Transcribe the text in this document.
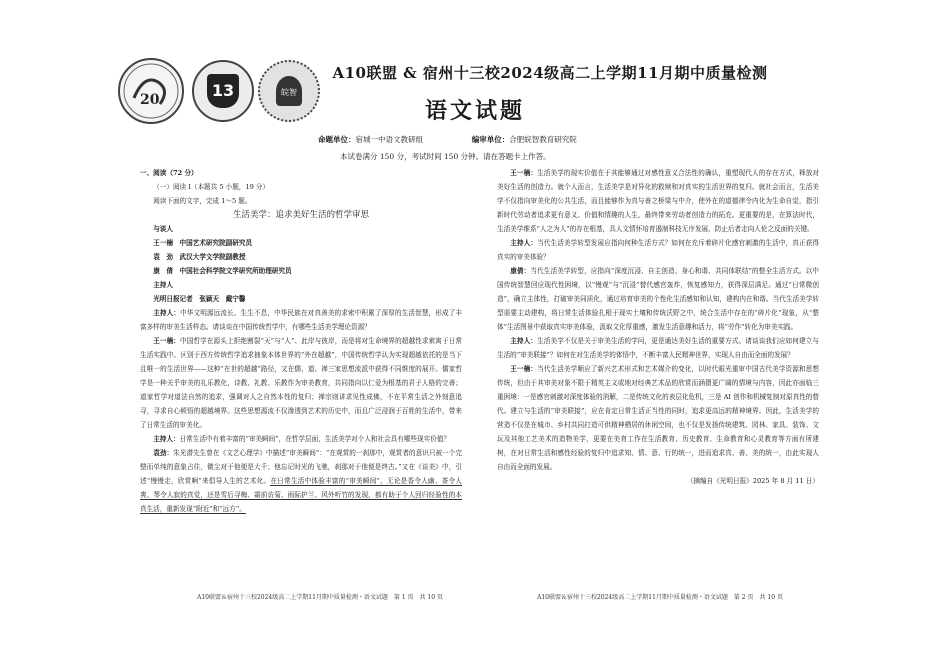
20	13	皖智
A10联盟 & 宿州十三校2024级高二上学期11月期中质量检测
语文试题
命题单位：宿城一中语文教研组	编审单位：合肥皖智教育研究院
本试卷满分 150 分，考试时间 150 分钟。请在答题卡上作答。

一、阅读（72 分）

（一）阅读 I（本题共 5 小题，19 分）

阅读下面的文字，完成 1～5 题。

生活美学：追求美好生活的哲学审思

与谈人

王一楠　中国艺术研究院副研究员

袁　劲　武汉大学文学院副教授

康　倩　中国社会科学院文学研究所助理研究员

主持人

光明日报记者　张颖天　戴宁馨

主持人：中华文明源远流长、生生不息，中华民族在对真善美的求索中积累了深厚的生活智慧，形成了丰富多样的审美生活样态。请谈谈在中国传统哲学中，有哪些生活美学理论资源？

王一楠：中国哲学在源头上拒绝割裂“天”与“人”、此岸与彼岸，而是将对生命境界的超越性求索寓于日常生活实践中。区别于西方传统哲学追求抽象本体世界的“外在超越”，中国传统哲学认为实现超越依托的是当下且唯一的生活世界——这种“在世的超越”路径，又在儒、道、禅三家思想流派中获得不同维度的展开。儒家哲学是一种关乎审美的礼乐教化，诗教、礼教、乐教作为审美教育，共同指向以仁爱为根基的君子人格的完善；道家哲学对道法自然的追求，强调对人之自然本性的复归；禅宗则讲求见性成佛，不在平常生活之外刻意追寻，寻求自心顿悟的超越境界。这些思想源流不仅滲透到艺术的历史中，而且广泛浸润于百姓的生活中，带来了日常生活的审美化。

主持人：日常生活中有着丰富的“审美瞬间”，在哲学层面，生活美学对个人和社会具有哪些现实价值？

袁劲：朱光潜先生曾在《文艺心理学》中描述“审美瞬间”：“在观赏的一刹那中，观赏者的意识只被一个完整而单纯的意象占住，微尘对于他便是大千；他忘记时光的飞驰，刹那对于他便是终古。”又在《谈美》中，引述“慢慢走，欣赏啊”来倡导人生的艺术化。在日常生活中体验丰富的“审美瞬间”，无论是香令人幽、茶令人爽、琴令人寂的真觉，还是雪后寻梅、霜前访菊、雨际护兰、风外听竹的发现，都有助于个人回归经验性的本真生活，重新发现“附近”和“远方”。

A10联盟＆宿州十三校2024级高二上学期11月期中质量检测・语文试题　第 1 页　共 10 页

王一楠：生活美学的现实价值在于其能够通过对感性意义合法性的确认，重塑现代人的存在方式，释放对美好生活的创造力。就个人而言，生活美学是对异化的救赎和对真实的生活世界的复归。就社会而言，生活美学不仅指向审美化的公共生活，而且能够作为真与善之桥梁与中介，使外在的道德律令内化为生命自觉，指引新时代劳动者追求更有意义、价值和情趣的人生，最终带来劳动者创造力的拓充。更重要的是，在算法时代，生活美学维系“人之为人”的存在根基，具人文情怀培育遏制科技无序发展、防止后者走向人伦之反面的关键。

主持人：当代生活美学转型发展应指向何种生活方式？如何在充斥着碎片化感官刺激的生活中，真正获得真实的审美体验？

康倩：当代生活美学转型，应指向“深度沉浸、自主创造、身心和谐、共同体联结”的整全生活方式。以中国传统智慧回应现代性困境，以“慢观”与“沉浸”替代感官轰炸，恢复感知力，获得深层满足。通过“日常微创造”，确立主体性，打破审美同质化，通过培育审美的个性化生活感知和认知，建构内在和谐。当代生活美学转型需要主动建构，将日常生活体验扎根于现实土壤和传统沃野之中，统合生活中存在的“碎片化”现象，从“整体”生活图景中获取真实审美体验，汲取文化厚重感，激发生活意趣和活力，将“劳作”转化为审美实践。

主持人：生活美学不仅是关于审美生活的学问，更是通达美好生活的重要方式。请谈谈我们应如何建立与生活的“审美联接”？如何在对生活美学的体悟中，不断丰富人民精神世界，实现人自由而全面的发展？

王一楠：当代生活美学顺应了新兴艺术形式和艺术媒介的变化，以时代眼光重审中国古代美学资源和思想传统，但由于其审美对象不限于精英主义或地对经典艺术品的欣赏而涵摄更广阔的情境与内容，因此亦面临三重困境：一是感官刺激对深度体验的消解，二是传统文化的表层化危机，三是 AI 创作和机械复制对原真性的替代。建立与生活的“审美联接”，应在肯定日常生活正当性的同时，追求更高远的精神境界。因此，生活美学的营造不仅是在城市、乡村共同打造可供精神栖居的休闲空间，也不仅是发扬传统建筑、园林、家具、装饰、文玩及其他工艺美术的造物美学，更要在美育工作在生活教育、历史教育、生命教育和心灵教育等方面有所建树，在对日常生活和感性经验的复归中追求知、情、意、行的统一，进而追求真、善、美的统一，由此实现人自由而全面的发展。

（摘编自《光明日报》2025 年 8 月 11 日）

A10联盟＆宿州十三校2024级高二上学期11月期中质量检测・语文试题　第 2 页　共 10 页
